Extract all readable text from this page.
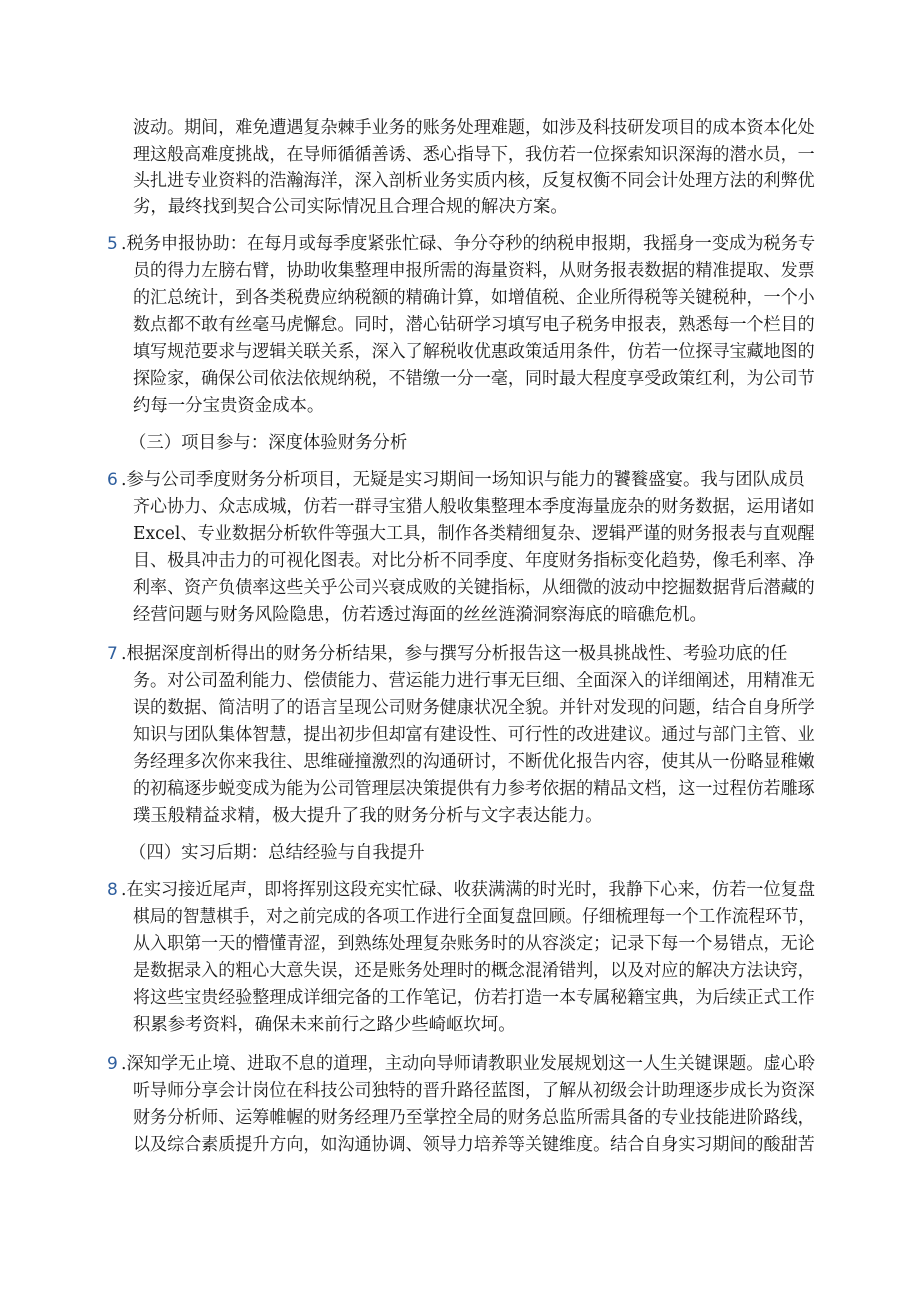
波动。期间，难免遭遇复杂棘手业务的账务处理难题，如涉及科技研发项目的成本资本化处
理这般高难度挑战，在导师循循善诱、悉心指导下，我仿若一位探索知识深海的潜水员，一
头扎进专业资料的浩瀚海洋，深入剖析业务实质内核，反复权衡不同会计处理方法的利弊优
劣，最终找到契合公司实际情况且合理合规的解决方案。
5 .税务申报协助：在每月或每季度紧张忙碌、争分夺秒的纳税申报期，我摇身一变成为税务专
员的得力左膀右臂，协助收集整理申报所需的海量资料，从财务报表数据的精准提取、发票
的汇总统计，到各类税费应纳税额的精确计算，如增值税、企业所得税等关键税种，一个小
数点都不敢有丝毫马虎懈怠。同时，潜心钻研学习填写电子税务申报表，熟悉每一个栏目的
填写规范要求与逻辑关联关系，深入了解税收优惠政策适用条件，仿若一位探寻宝藏地图的
探险家，确保公司依法依规纳税，不错缴一分一毫，同时最大程度享受政策红利，为公司节
约每一分宝贵资金成本。
（三）项目参与：深度体验财务分析
6 .参与公司季度财务分析项目，无疑是实习期间一场知识与能力的饕餮盛宴。我与团队成员
齐心协力、众志成城，仿若一群寻宝猎人般收集整理本季度海量庞杂的财务数据，运用诸如
Excel、专业数据分析软件等强大工具，制作各类精细复杂、逻辑严谨的财务报表与直观醒
目、极具冲击力的可视化图表。对比分析不同季度、年度财务指标变化趋势，像毛利率、净
利率、资产负债率这些关乎公司兴衰成败的关键指标，从细微的波动中挖掘数据背后潜藏的
经营问题与财务风险隐患，仿若透过海面的丝丝涟漪洞察海底的暗礁危机。
7 .根据深度剖析得出的财务分析结果，参与撰写分析报告这一极具挑战性、考验功底的任
务。对公司盈利能力、偿债能力、营运能力进行事无巨细、全面深入的详细阐述，用精准无
误的数据、简洁明了的语言呈现公司财务健康状况全貌。并针对发现的问题，结合自身所学
知识与团队集体智慧，提出初步但却富有建设性、可行性的改进建议。通过与部门主管、业
务经理多次你来我往、思维碰撞激烈的沟通研讨，不断优化报告内容，使其从一份略显稚嫩
的初稿逐步蜕变成为能为公司管理层决策提供有力参考依据的精品文档，这一过程仿若雕琢
璞玉般精益求精，极大提升了我的财务分析与文字表达能力。
（四）实习后期：总结经验与自我提升
8 .在实习接近尾声，即将挥别这段充实忙碌、收获满满的时光时，我静下心来，仿若一位复盘
棋局的智慧棋手，对之前完成的各项工作进行全面复盘回顾。仔细梳理每一个工作流程环节，
从入职第一天的懵懂青涩，到熟练处理复杂账务时的从容淡定；记录下每一个易错点，无论
是数据录入的粗心大意失误，还是账务处理时的概念混淆错判，以及对应的解决方法诀窍，
将这些宝贵经验整理成详细完备的工作笔记，仿若打造一本专属秘籍宝典，为后续正式工作
积累参考资料，确保未来前行之路少些崎岖坎坷。
9 .深知学无止境、进取不息的道理，主动向导师请教职业发展规划这一人生关键课题。虚心聆
听导师分享会计岗位在科技公司独特的晋升路径蓝图，了解从初级会计助理逐步成长为资深
财务分析师、运筹帷幄的财务经理乃至掌控全局的财务总监所需具备的专业技能进阶路线，
以及综合素质提升方向，如沟通协调、领导力培养等关键维度。结合自身实习期间的酸甜苦
